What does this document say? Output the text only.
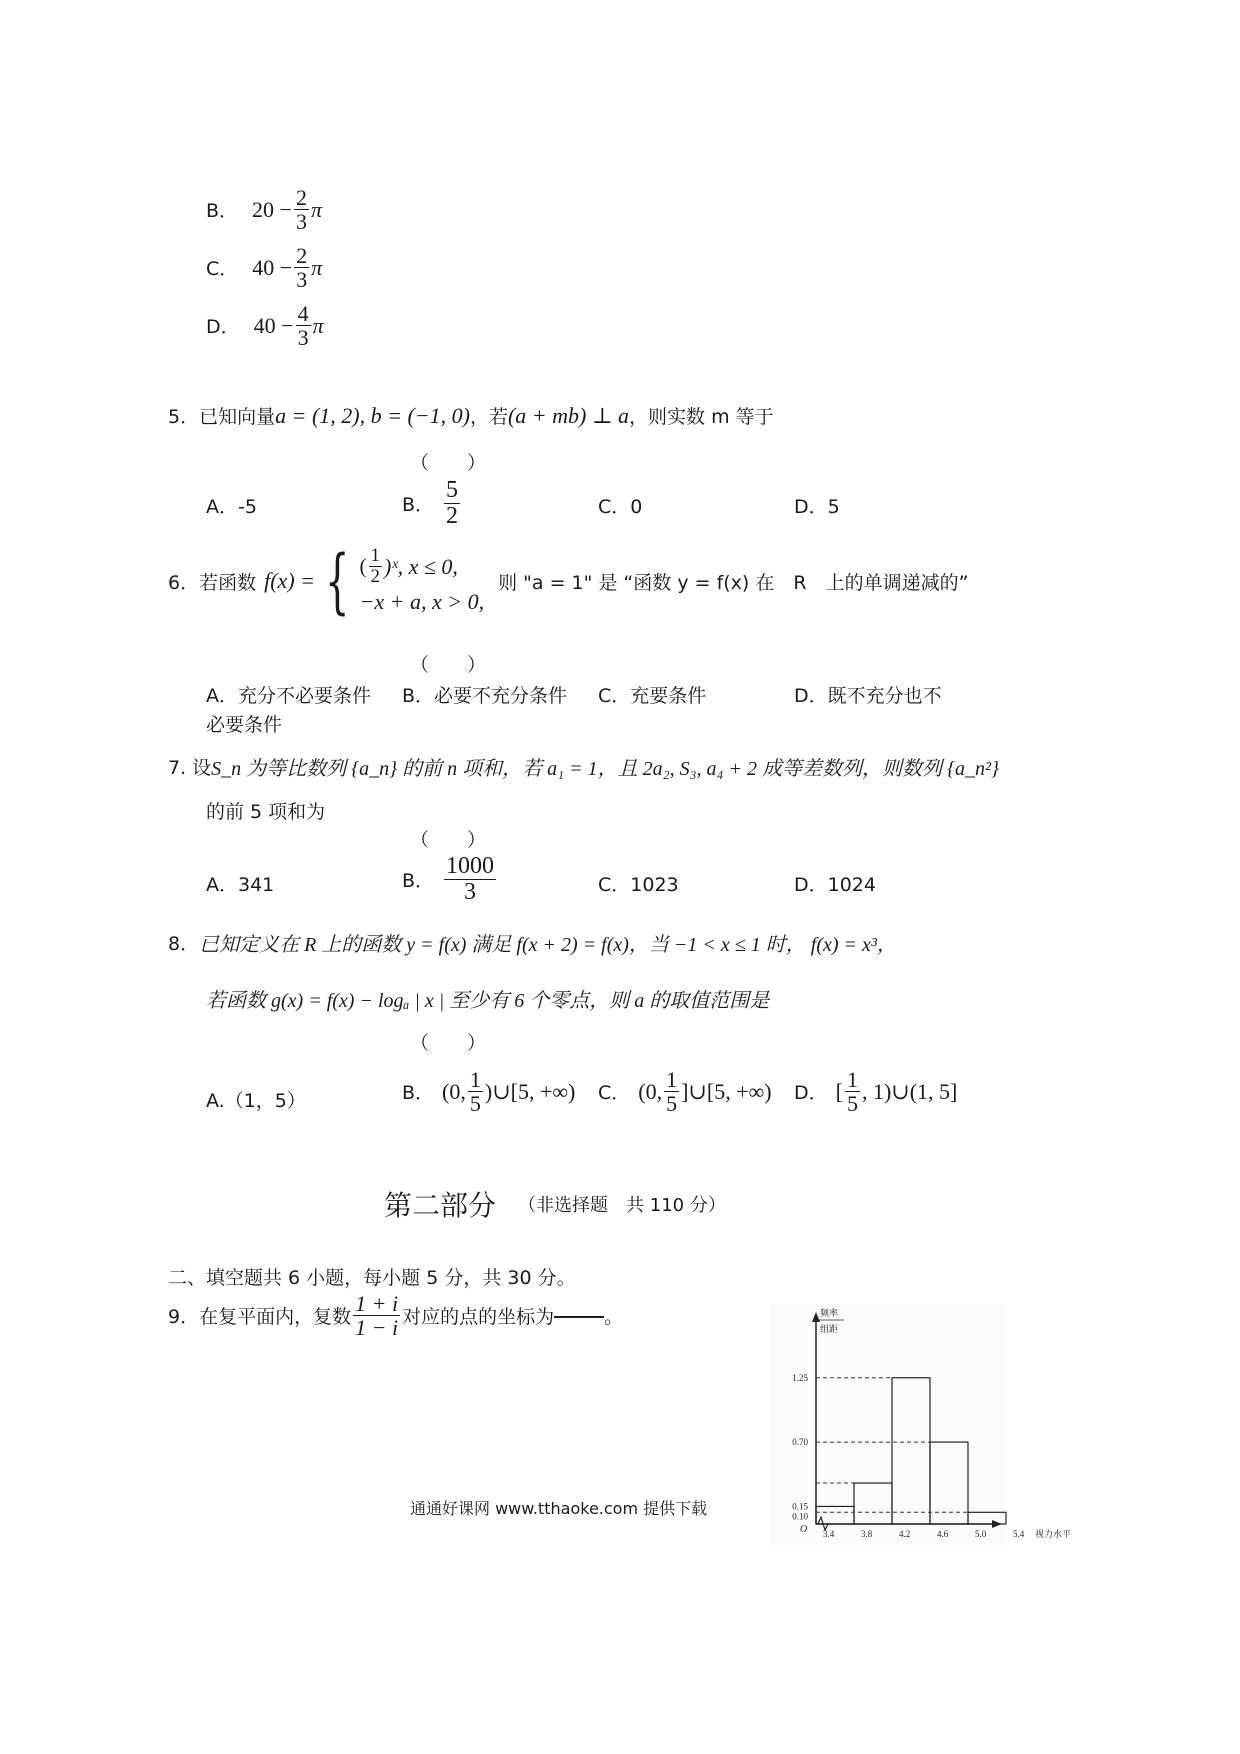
B． $20 - \frac{2}{3}$ π
C． $40 - \frac{2}{3}$ π
D． $40 - \frac{4}{3}$ π
5． 已知向量 a = (1, 2), b = (−1, 0) ，若 (a + mb) ⊥ a ，则实数 m 等于
（　　）
A．-5	B． $\frac{5}{2}$	C．0	D．5
6． 若函数 f(x) = { ( $\frac{1}{2}$ )ˣ, x ≤ 0,
−x + a, x > 0,
则 "a = 1" 是 “函数 y = f(x) 在　R　上的单调递减的”
（　　）
A．充分不必要条件 B．必要不充分条件 C．充要条件	D．既不充分也不
必要条件
7. 设 S_n 为等比数列 {a_n} 的前 n 项和，若 a₁ = 1，且 2a₂, S₃, a₄ + 2 成等差数列，则数列 {a_n²}
的前 5 项和为
（　　）
A．341	B． $\frac{1000}{3}$	C．1023	D．1024
8． 已知定义在 R 上的函数 y = f(x) 满足 f(x + 2) = f(x)，当 −1 < x ≤ 1 时， f(x) = x³，
若函数 g(x) = f(x) − logₐ | x | 至少有 6 个零点，则 a 的取值范围是
（　　）
A.（1，5）	B． (0, $\frac{1}{5}$ )∪[5, +∞) C． (0, $\frac{1}{5}$ ]∪[5, +∞) D． [ $\frac{1}{5}$ , 1)∪(1, 5]
第二部分 （非选择题　共 110 分）
二、填空题共 6 小题，每小题 5 分，共 30 分。
9． 在复平面内，复数 $\frac{1 + i}{1 - i}$ 对应的点的坐标为	。
1.25
0.70
0.15
0.10
3.4	3.8	4.2	4.6	5.0	5.4
O	视力水平
频率
组距
通通好课网 www.tthaoke.com 提供下载
